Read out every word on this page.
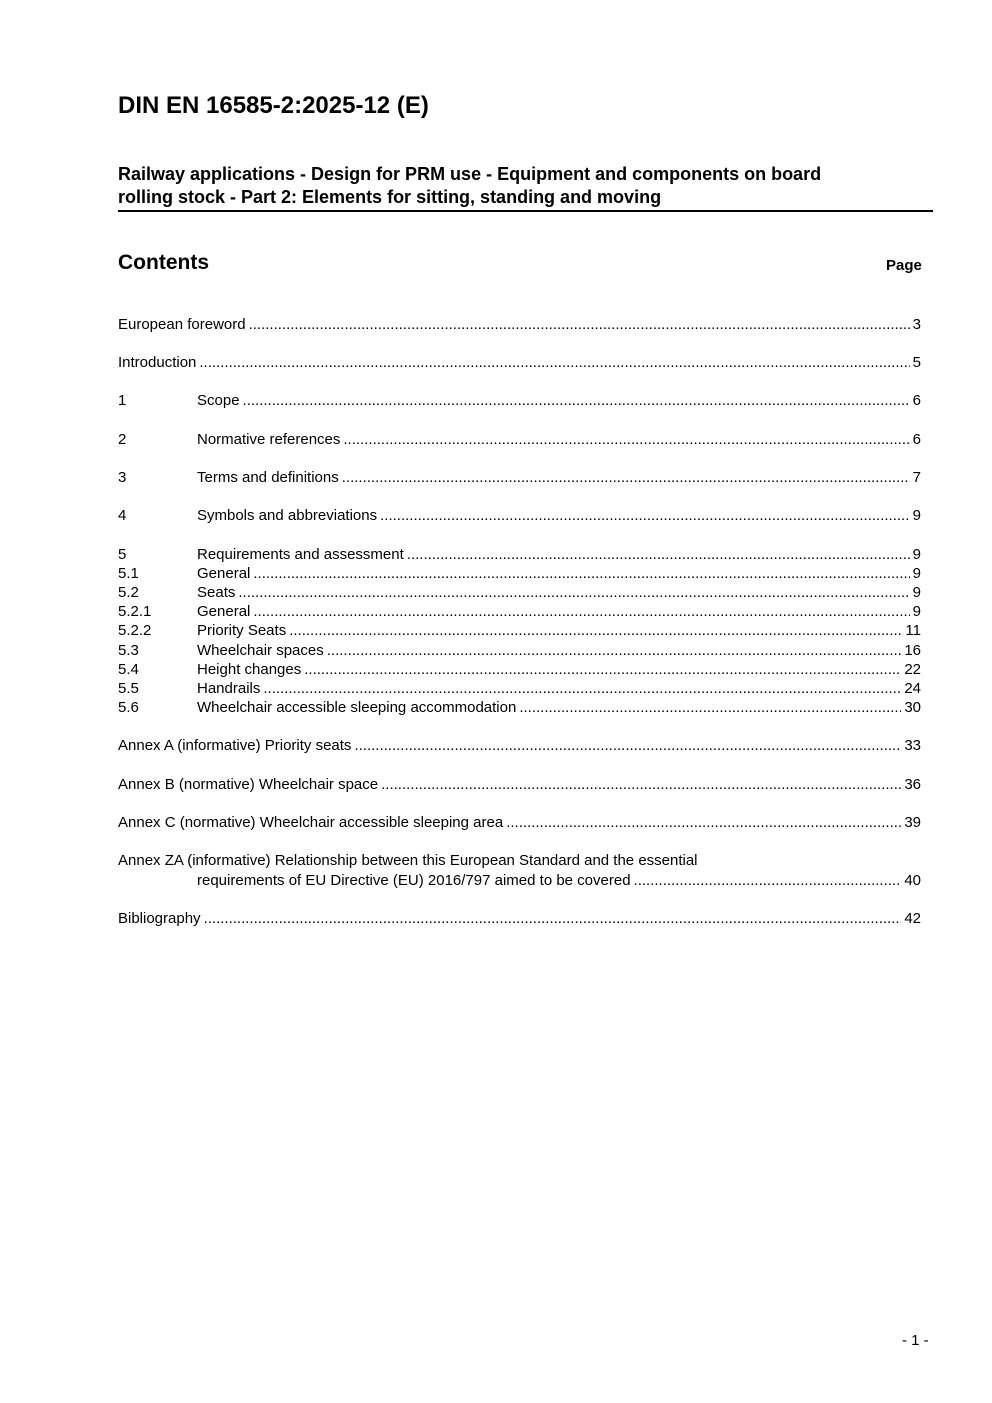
DIN EN 16585-2:2025-12 (E)
Railway applications - Design for PRM use - Equipment and components on board
rolling stock - Part 2: Elements for sitting, standing and moving
Contents	Page
European foreword .....	3
Introduction .....	5
1	Scope .....	6
2	Normative references .....	6
3	Terms and definitions .....	7
4	Symbols and abbreviations .....	9
5	Requirements and assessment .....	9
5.1	General .....	9
5.2	Seats .....	9
5.2.1	General .....	9
5.2.2	Priority Seats .....	11
5.3	Wheelchair spaces .....	16
5.4	Height changes .....	22
5.5	Handrails .....	24
5.6	Wheelchair accessible sleeping accommodation .....	30
Annex A (informative) Priority seats .....	33
Annex B (normative) Wheelchair space .....	36
Annex C (normative) Wheelchair accessible sleeping area .....	39
Annex ZA (informative) Relationship between this European Standard and the essential
requirements of EU Directive (EU) 2016/797 aimed to be covered .....	40
Bibliography .....	42
- 1 -
